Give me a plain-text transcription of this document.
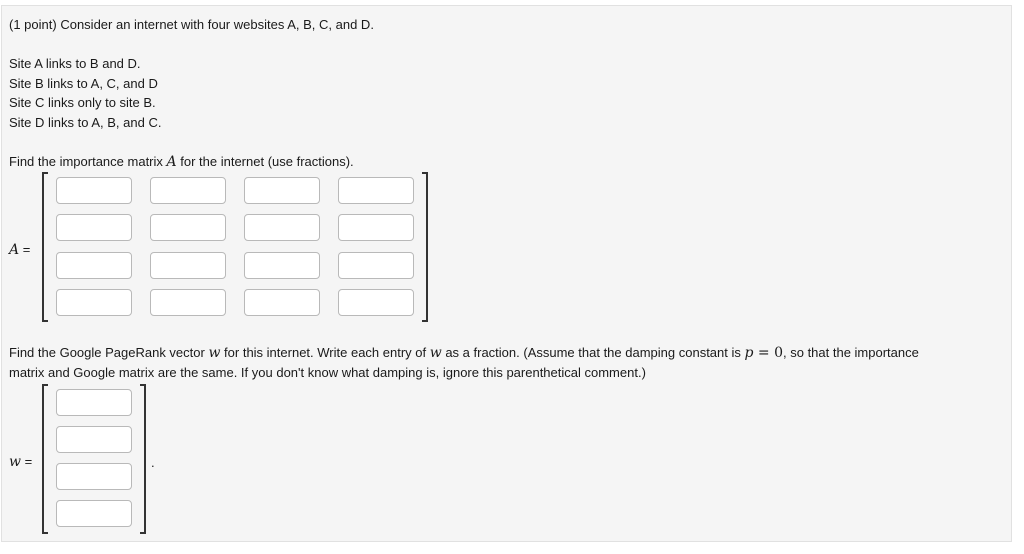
(1 point) Consider an internet with four websites A, B, C, and D.
Site A links to B and D.
Site B links to A, C, and D
Site C links only to site B.
Site D links to A, B, and C.
Find the importance matrix A for the internet (use fractions).
A =
Find the Google PageRank vector w for this internet. Write each entry of w as a fraction. (Assume that the damping constant is p = 0, so that the importance
matrix and Google matrix are the same. If you don't know what damping is, ignore this parenthetical comment.)
w =	.
